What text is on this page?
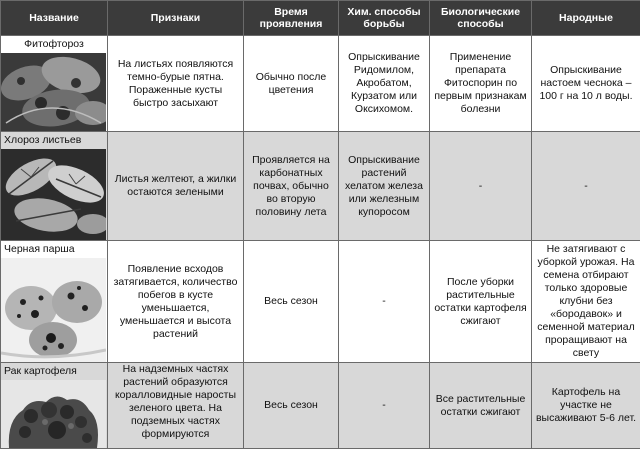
Название	Признаки	Время проявления	Хим. способы борьбы	Биологические способы	Народные

Фитофтороз	На листьях появляются темно-бурые пятна. Пораженные кусты быстро засыхают	Обычно после цветения	Опрыскивание Ридомилом, Акробатом, Курзатом или Оксихомом.	Применение препарата Фитоспорин по первым признакам болезни	Опрыскивание настоем чеснока – 100 г на 10 л воды.

Хлороз листьев	Листья желтеют, а жилки остаются зелеными	Проявляется на карбонатных почвах, обычно во вторую половину лета	Опрыскивание растений хелатом железа или железным купоросом	-	-

Черная парша	Появление всходов затягивается, количество побегов в кусте уменьшается, уменьшается и высота растений	Весь сезон	-	После уборки растительные остатки картофеля сжигают	Не затягивают с уборкой урожая. На семена отбирают только здоровые клубни без «бородавок» и семенной материал проращивают на свету

Рак картофеля	На надземных частях растений образуются коралловидные наросты зеленого цвета. На подземных частях формируются	Весь сезон	-	Все растительные остатки сжигают	Картофель на участке не высаживают 5-6 лет.
